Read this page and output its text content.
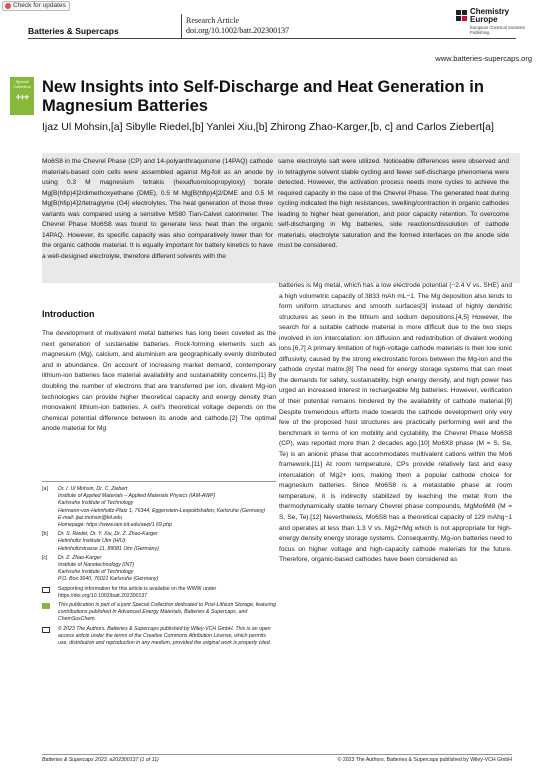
Check for updates
Batteries & Supercaps
Research Article
doi.org/10.1002/batt.202300137
Chemistry
Europe
European Chemical Societies Publishing
www.batteries-supercaps.org
Special Collection
+++
New Insights into Self-Discharge and Heat Generation in Magnesium Batteries
Ijaz Ul Mohsin,[a] Sibylle Riedel,[b] Yanlei Xiu,[b] Zhirong Zhao-Karger,[b, c] and Carlos Ziebert[a]
Mo6S8 in the Chevrel Phase (CP) and 14-polyanthraquinone (14PAQ) cathode materials-based coin cells were assembled against Mg-foil as an anode by using 0.3 M magnesium tetrakis (hexafluoroisopropyloxy) borate Mg[B(hfip)4]2/dimethoxyethane (DME), 0.5 M Mg[B(hfip)4]2/DME and 0.5 M Mg[B(hfip)4]2/tetraglyme (G4) electrolytes. The heat generation of those three variants was compared using a sensitive MS80 Tian-Calvet calorimeter. The Chevrel Phase Mo6S8 was found to generate less heat than the organic 14PAQ. However, its specific capacity was also comparatively lower than for the organic cathode material. It is equally important for battery kinetics to have a well-designed electrolyte, therefore different solvents with the
same electrolyte salt were utilized. Noticeable differences were observed and in tetraglyme solvent stable cycling and fewer self-discharge phenomena were detected. However, the activation process needs more cycles to achieve the required capacity in the case of the Chevrel Phase. The generated heat during cycling indicated the high resistances, swelling/contraction in organic cathodes leading to higher heat generation, and poor capacity retention. To overcome self-discharging in Mg batteries, side reactions/dissolution of cathode materials, electrolyte saturation and the formed interfaces on the anode side must be considered.
Introduction
The development of multivalent metal batteries has long been coveted as the next generation of sustainable batteries. Rock-forming elements such as magnesium (Mg), calcium, and aluminium are geographically evenly distributed and in abundance. On account of increasing market demand, contemporary lithium-ion batteries face material availability and sustainability concerns.[1] By doubling the number of electrons that are transferred per ion, divalent Mg-ion technologies can provide higher theoretical capacity and energy density than monovalent lithium-ion batteries. A cell's theoretical voltage depends on the chemical potential difference between its anode and cathode.[2] The optimal anode material for Mg
batteries is Mg metal, which has a low electrode potential (−2.4 V vs. SHE) and a high volumetric capacity of 3833 mAh mL−1. The Mg deposition also tends to form uniform structures and smooth surfaces[3] instead of highly dendritic structures as seen in the lithium and sodium depositions.[4,5] However, the search for a suitable cathode material is more difficult due to the two steps involved in ion intercalation: ion diffusion and redistribution of divalent working ions.[6,7] A primary limitation of high-voltage cathode materials is their low ionic diffusivity, caused by the strong electrostatic forces between the Mg-ion and the cathode crystal matrix.[8] The need for energy storage systems that can meet the demands for safety, sustainability, high energy density, and high power has urged an increased interest in rechargeable Mg batteries. However, verification of their potential remains hindered by the availability of cathode material.[9] Despite tremendous efforts made towards the cathode development only very few of the proposed host structures are practically performing well and the benchmark in terms of ion mobility and cyclability, the Chevrel Phase Mo6S8 (CP), was reported more than 2 decades ago.[10] Mo6X8 phase (M = S, Se, Te) is an anionic phase that accommodates multivalent cations within the Mo6 framework.[11] At room temperature, CPs provide relatively fast and easy intercalation of Mg2+ ions, making them a popular cathode choice for magnesium batteries. Since Mo6S8 is a metastable phase at room temperature, it is indirectly stabilized by leaching the metal from the thermodynamically stable ternary Chevrel phase compounds, MgMo6M8 (M = S, Se, Te).[12] Nevertheless, Mo6S8 has a theoretical capacity of 129 mAhg−1 and operates at less than 1.3 V vs. Mg2+/Mg which is not appropriate for high-energy density energy storage systems. Consequently, Mg-ion batteries need to focus on higher voltage and high-capacity cathode materials for the future. Therefore, organic-based cathodes have been considered as
[a] Dr. I. Ul Mohsin, Dr. C. Ziebert
Institute of Applied Materials – Applied Materials Physics (IAM-AWP)
Karlsruhe Institute of Technology
Hermann-von-Helmholtz-Platz 1, 76344, Eggenstein-Leopoldshafen, Karlsruhe (Germany)
E-mail: ijaz.mohsin@kit.edu
Homepage: https://www.iam.kit.edu/awp/1 69.php
[b] Dr. S. Riedel, Dr. Y. Xiu, Dr. Z. Zhao-Karger
Helmholtz Institute Ulm (HIU)
Helmholtzstrasse 11, 89081 Ulm (Germany)
[c] Dr. Z. Zhao-Karger
Institute of Nanotechnology (INT)
Karlsruhe Institute of Technology
P.O. Box 3640, 76021 Karlsruhe (Germany)
Supporting information for this article is available on the WWW under https://doi.org/10.1002/batt.202300137
This publication is part of a joint Special Collection dedicated to Post-Lithium Storage, featuring contributions published in Advanced Energy Materials, Batteries & Supercaps, and ChemSusChem.
© 2023 The Authors. Batteries & Supercaps published by Wiley-VCH GmbH. This is an open access article under the terms of the Creative Commons Attribution License, which permits use, distribution and reproduction in any medium, provided the original work is properly cited.
Batteries & Supercaps 2023, e202300137 (1 of 11)	© 2023 The Authors. Batteries & Supercaps published by Wiley-VCH GmbH
